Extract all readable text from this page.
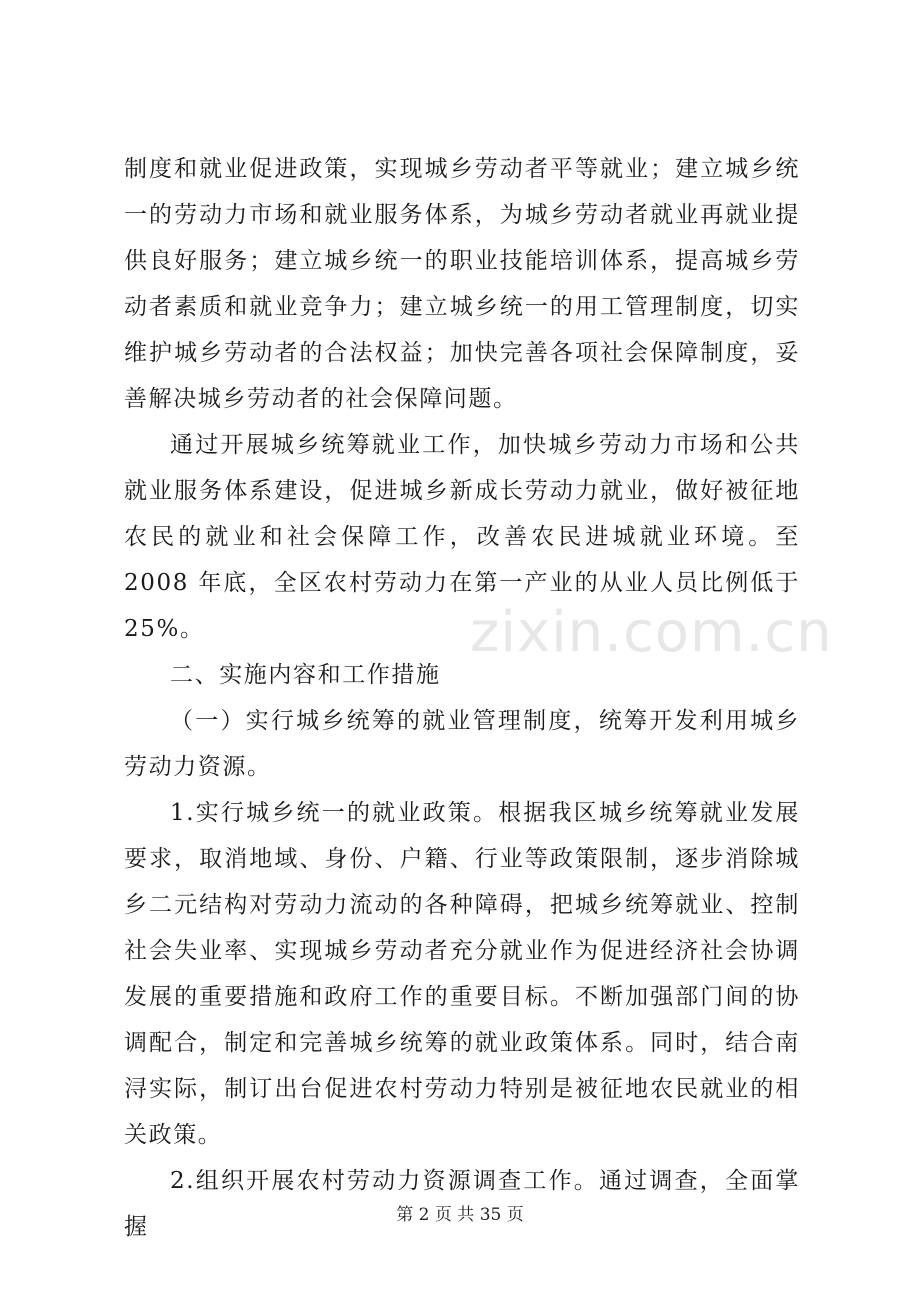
制度和就业促进政策，实现城乡劳动者平等就业；建立城乡统一的劳动力市场和就业服务体系，为城乡劳动者就业再就业提供良好服务；建立城乡统一的职业技能培训体系，提高城乡劳动者素质和就业竞争力；建立城乡统一的用工管理制度，切实维护城乡劳动者的合法权益；加快完善各项社会保障制度，妥善解决城乡劳动者的社会保障问题。

通过开展城乡统筹就业工作，加快城乡劳动力市场和公共就业服务体系建设，促进城乡新成长劳动力就业，做好被征地农民的就业和社会保障工作，改善农民进城就业环境。至 2008 年底，全区农村劳动力在第一产业的从业人员比例低于 25%。

二、实施内容和工作措施

（一）实行城乡统筹的就业管理制度，统筹开发利用城乡劳动力资源。

1.实行城乡统一的就业政策。根据我区城乡统筹就业发展要求，取消地域、身份、户籍、行业等政策限制，逐步消除城乡二元结构对劳动力流动的各种障碍，把城乡统筹就业、控制社会失业率、实现城乡劳动者充分就业作为促进经济社会协调发展的重要措施和政府工作的重要目标。不断加强部门间的协调配合，制定和完善城乡统筹的就业政策体系。同时，结合南浔实际，制订出台促进农村劳动力特别是被征地农民就业的相关政策。

2.组织开展农村劳动力资源调查工作。通过调查，全面掌握

zixin.com.cn
第 2 页 共 35 页
